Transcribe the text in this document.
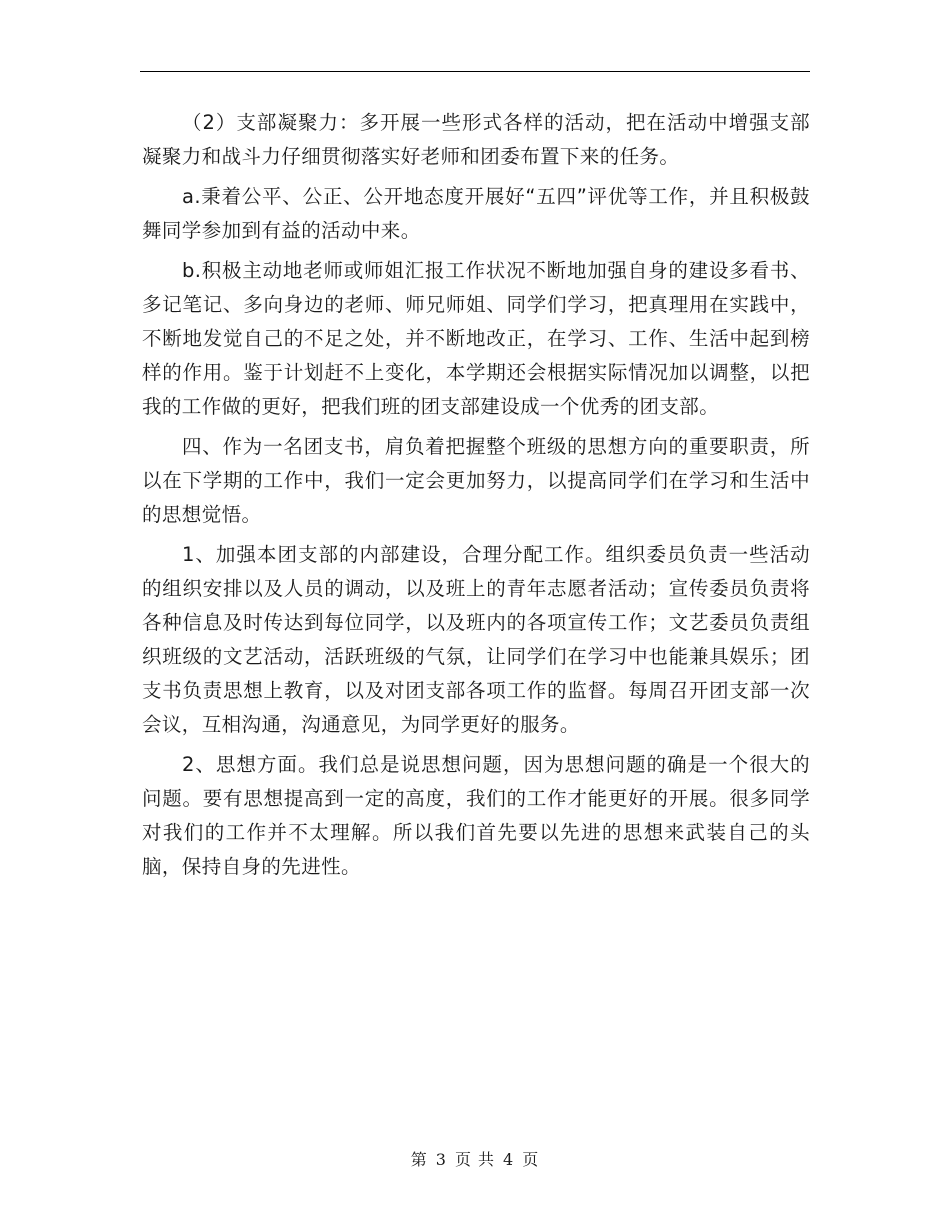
（2）支部凝聚力：多开展一些形式各样的活动，把在活动中增强支部凝聚力和战斗力仔细贯彻落实好老师和团委布置下来的任务。

a.秉着公平、公正、公开地态度开展好“五四”评优等工作，并且积极鼓舞同学参加到有益的活动中来。

b.积极主动地老师或师姐汇报工作状况不断地加强自身的建设多看书、多记笔记、多向身边的老师、师兄师姐、同学们学习，把真理用在实践中，不断地发觉自己的不足之处，并不断地改正，在学习、工作、生活中起到榜样的作用。鉴于计划赶不上变化，本学期还会根据实际情况加以调整，以把我的工作做的更好，把我们班的团支部建设成一个优秀的团支部。

四、作为一名团支书，肩负着把握整个班级的思想方向的重要职责，所以在下学期的工作中，我们一定会更加努力，以提高同学们在学习和生活中的思想觉悟。

1、加强本团支部的内部建设，合理分配工作。组织委员负责一些活动的组织安排以及人员的调动，以及班上的青年志愿者活动；宣传委员负责将各种信息及时传达到每位同学，以及班内的各项宣传工作；文艺委员负责组织班级的文艺活动，活跃班级的气氛，让同学们在学习中也能兼具娱乐；团支书负责思想上教育，以及对团支部各项工作的监督。每周召开团支部一次会议，互相沟通，沟通意见，为同学更好的服务。

2、思想方面。我们总是说思想问题，因为思想问题的确是一个很大的问题。要有思想提高到一定的高度，我们的工作才能更好的开展。很多同学对我们的工作并不太理解。所以我们首先要以先进的思想来武装自己的头脑，保持自身的先进性。

第 3 页 共 4 页
